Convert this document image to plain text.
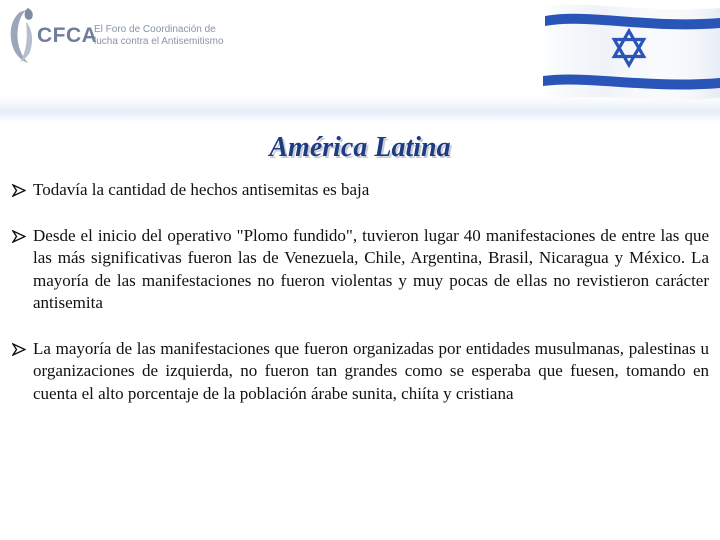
CFCA
El Foro de Coordinación de
lucha contra el Antisemitismo
América Latina
Todavía la cantidad de hechos antisemitas es baja
Desde el inicio del operativo "Plomo fundido", tuvieron lugar 40 manifestaciones de entre las que las más significativas fueron las de Venezuela, Chile, Argentina, Brasil, Nicaragua y México. La mayoría de las manifestaciones no fueron violentas y muy pocas de ellas no revistieron carácter antisemita
La mayoría de las manifestaciones que fueron organizadas por entidades musulmanas, palestinas u organizaciones de izquierda, no fueron tan grandes como se esperaba que fuesen, tomando en cuenta el alto porcentaje de la población árabe sunita, chiíta y cristiana
